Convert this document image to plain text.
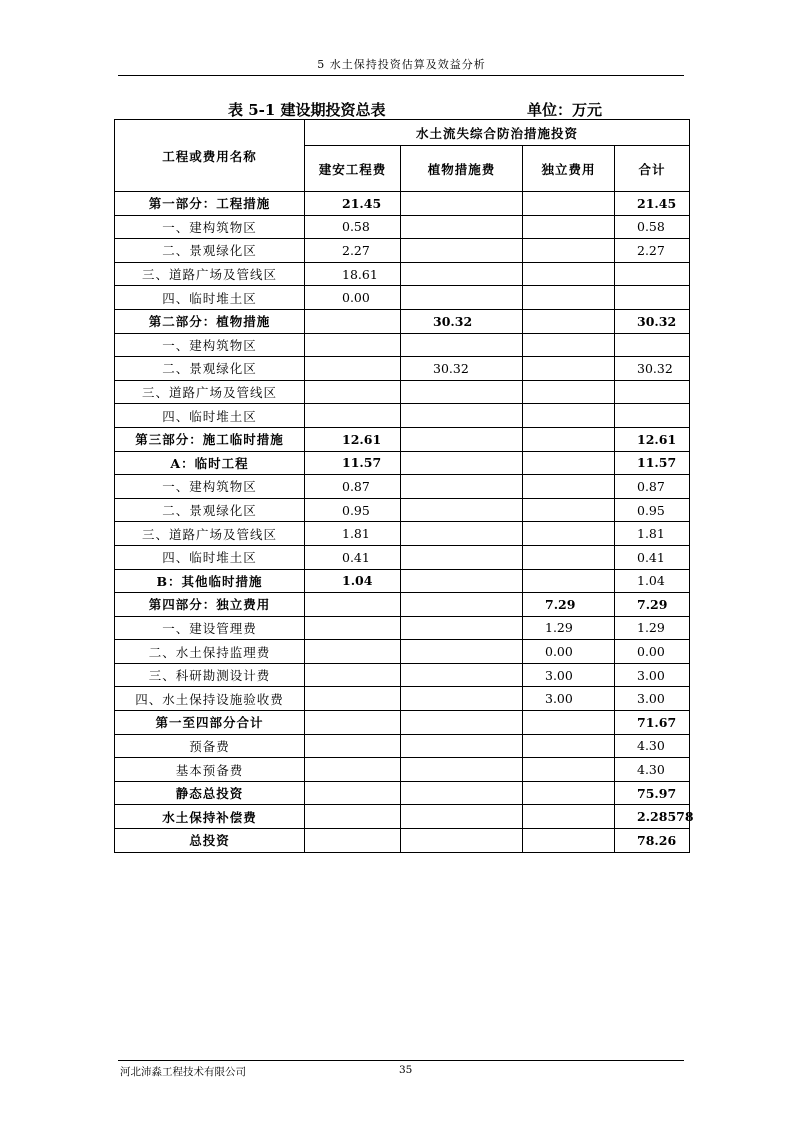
5 水土保持投资估算及效益分析
表 5-1 建设期投资总表	单位：万元
工程或费用名称	水土流失综合防治措施投资			
	建安工程费	植物措施费	独立费用	合计
第一部分：工程措施	21.45			21.45
一、建构筑物区	0.58			0.58
二、景观绿化区	2.27			2.27
三、道路广场及管线区	18.61			
四、临时堆土区	0.00			
第二部分：植物措施		30.32		30.32
一、建构筑物区				
二、景观绿化区		30.32		30.32
三、道路广场及管线区				
四、临时堆土区				
第三部分：施工临时措施	12.61			12.61
A：临时工程	11.57			11.57
一、建构筑物区	0.87			0.87
二、景观绿化区	0.95			0.95
三、道路广场及管线区	1.81			1.81
四、临时堆土区	0.41			0.41
B：其他临时措施	1.04			1.04
第四部分：独立费用			7.29	7.29
一、建设管理费			1.29	1.29
二、水土保持监理费			0.00	0.00
三、科研勘测设计费			3.00	3.00
四、水土保持设施验收费			3.00	3.00
第一至四部分合计				71.67
预备费				4.30
基本预备费				4.30
静态总投资				75.97
水土保持补偿费				2.28578
总投资				78.26
河北沛淼工程技术有限公司	35
